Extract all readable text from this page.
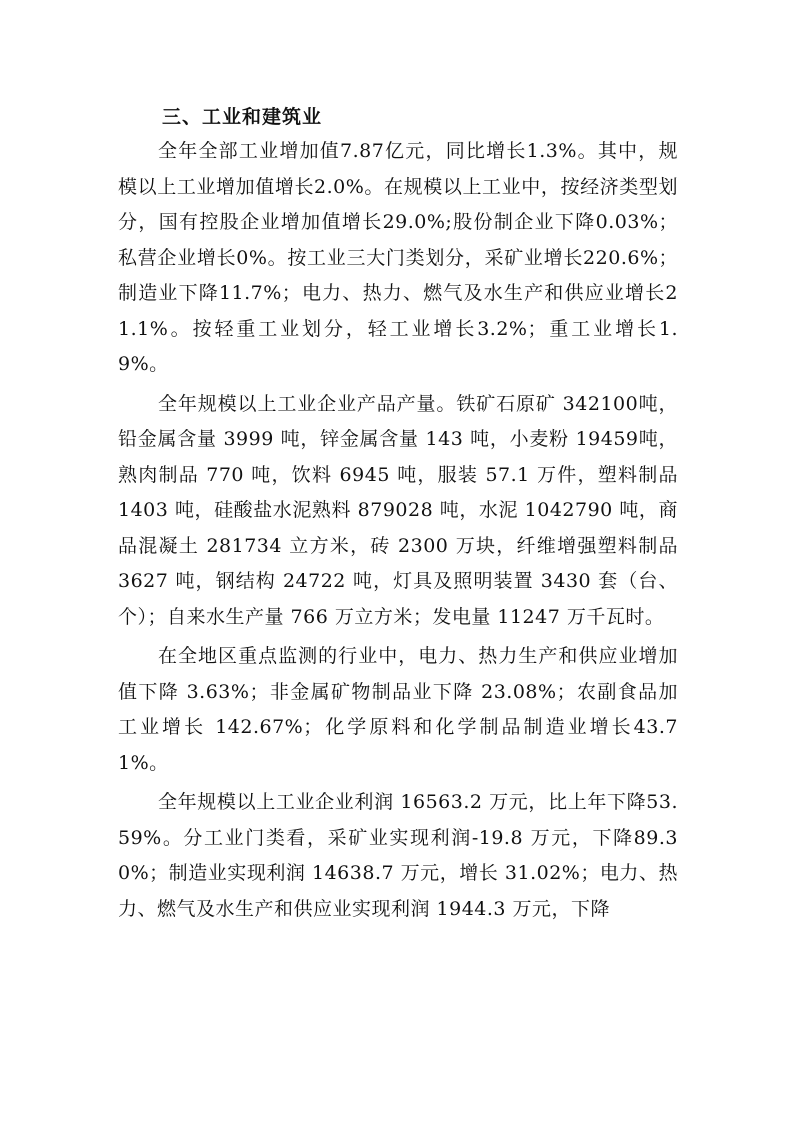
三、工业和建筑业

全年全部工业增加值7.87亿元，同比增长1.3%。其中，规模以上工业增加值增长2.0%。在规模以上工业中，按经济类型划分，国有控股企业增加值增长29.0%;股份制企业下降0.03%；私营企业增长0%。按工业三大门类划分，采矿业增长220.6%；制造业下降11.7%；电力、热力、燃气及水生产和供应业增长21.1%。按轻重工业划分，轻工业增长3.2%；重工业增长1.9%。

全年规模以上工业企业产品产量。铁矿石原矿 342100吨，铅金属含量 3999 吨，锌金属含量 143 吨，小麦粉 19459吨，熟肉制品 770 吨，饮料 6945 吨，服装 57.1 万件，塑料制品 1403 吨，硅酸盐水泥熟料 879028 吨，水泥 1042790 吨，商品混凝土 281734 立方米，砖 2300 万块，纤维增强塑料制品 3627 吨，钢结构 24722 吨，灯具及照明装置 3430 套（台、个）；自来水生产量 766 万立方米；发电量 11247 万千瓦时。

在全地区重点监测的行业中，电力、热力生产和供应业增加值下降 3.63%；非金属矿物制品业下降 23.08%；农副食品加工业增长 142.67%；化学原料和化学制品制造业增长43.71%。

全年规模以上工业企业利润 16563.2 万元，比上年下降53.59%。分工业门类看，采矿业实现利润-19.8 万元，下降89.30%；制造业实现利润 14638.7 万元，增长 31.02%；电力、热力、燃气及水生产和供应业实现利润 1944.3 万元，下降
